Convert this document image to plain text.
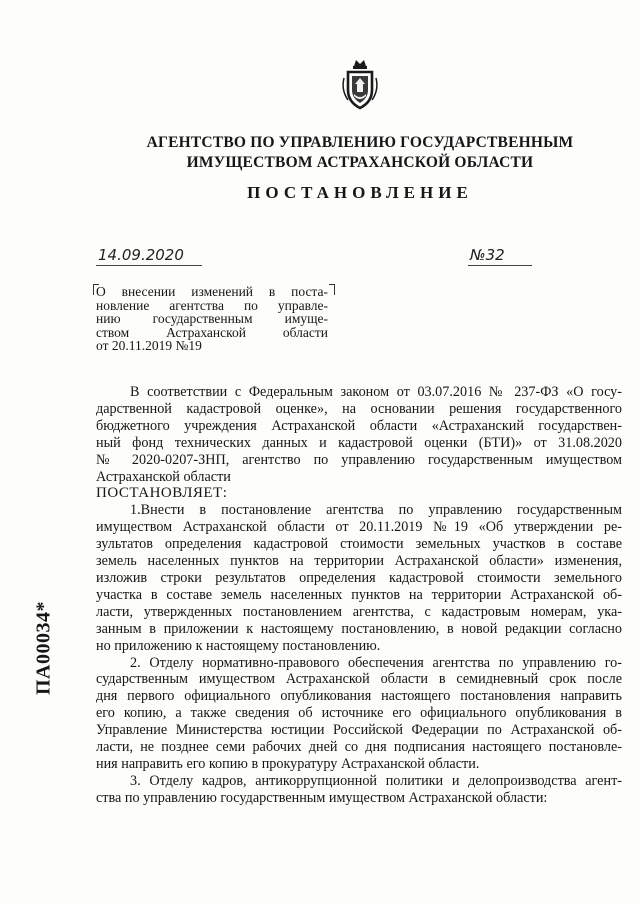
АГЕНТСТВО ПО УПРАВЛЕНИЮ ГОСУДАРСТВЕННЫМ
ИМУЩЕСТВОМ АСТРАХАНСКОЙ ОБЛАСТИ
ПОСТАНОВЛЕНИЕ
14.09.2020	№32
О внесении изменений в поста-
новление агентства по управле-
нию государственным имуще-
ством Астраханской области
от 20.11.2019 №19
В соответствии с Федеральным законом от 03.07.2016 № 237-ФЗ «О госу-
дарственной кадастровой оценке», на основании решения государственного
бюджетного учреждения Астраханской области «Астраханский государствен-
ный фонд технических данных и кадастровой оценки (БТИ)» от 31.08.2020
№ 2020-0207-ЗНП, агентство по управлению государственным имуществом
Астраханской области
ПОСТАНОВЛЯЕТ:
1.Внести в постановление агентства по управлению государственным
имуществом Астраханской области от 20.11.2019 №19 «Об утверждении ре-
зультатов определения кадастровой стоимости земельных участков в составе
земель населенных пунктов на территории Астраханской области» изменения,
изложив строки результатов определения кадастровой стоимости земельного
участка в составе земель населенных пунктов на территории Астраханской об-
ласти, утвержденных постановлением агентства, с кадастровым номерам, ука-
занным в приложении к настоящему постановлению, в новой редакции согласно
но приложению к настоящему постановлению.
2. Отделу нормативно-правового обеспечения агентства по управлению го-
сударственным имуществом Астраханской области в семидневный срок после
дня первого официального опубликования настоящего постановления направить
его копию, а также сведения об источнике его официального опубликования в
Управление Министерства юстиции Российской Федерации по Астраханской об-
ласти, не позднее семи рабочих дней со дня подписания настоящего постановле-
ния направить его копию в прокуратуру Астраханской области.
3. Отделу кадров, антикоррупционной политики и делопроизводства агент-
ства по управлению государственным имуществом Астраханской области:
ПА00034*
